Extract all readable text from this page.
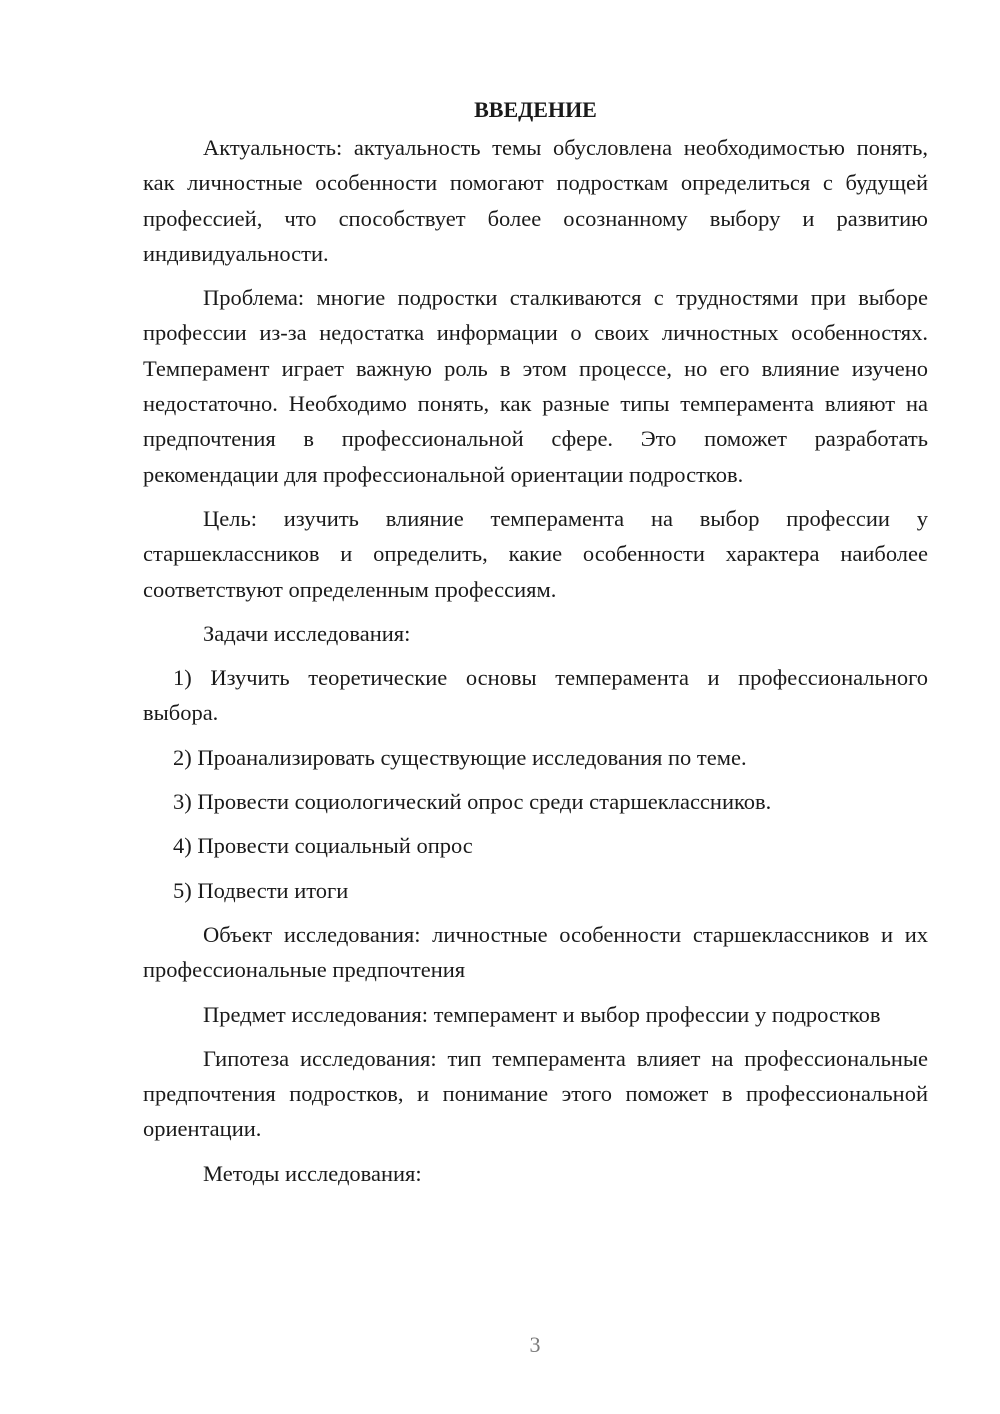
ВВЕДЕНИЕ

Актуальность: актуальность темы обусловлена необходимостью понять, как личностные особенности помогают подросткам определиться с будущей профессией, что способствует более осознанному выбору и развитию индивидуальности.

Проблема: многие подростки сталкиваются с трудностями при выборе профессии из-за недостатка информации о своих личностных особенностях. Темперамент играет важную роль в этом процессе, но его влияние изучено недостаточно. Необходимо понять, как разные типы темперамента влияют на предпочтения в профессиональной сфере. Это поможет разработать рекомендации для профессиональной ориентации подростков.

Цель: изучить влияние темперамента на выбор профессии у старшеклассников и определить, какие особенности характера наиболее соответствуют определенным профессиям.

Задачи исследования:

1) Изучить теоретические основы темперамента и профессионального выбора.

2) Проанализировать существующие исследования по теме.

3) Провести социологический опрос среди старшеклассников.

4) Провести социальный опрос

5) Подвести итоги

Объект исследования: личностные особенности старшеклассников и их профессиональные предпочтения

Предмет исследования: темперамент и выбор профессии у подростков

Гипотеза исследования: тип темперамента влияет на профессиональные предпочтения подростков, и понимание этого поможет в профессиональной ориентации.

Методы исследования:

3
